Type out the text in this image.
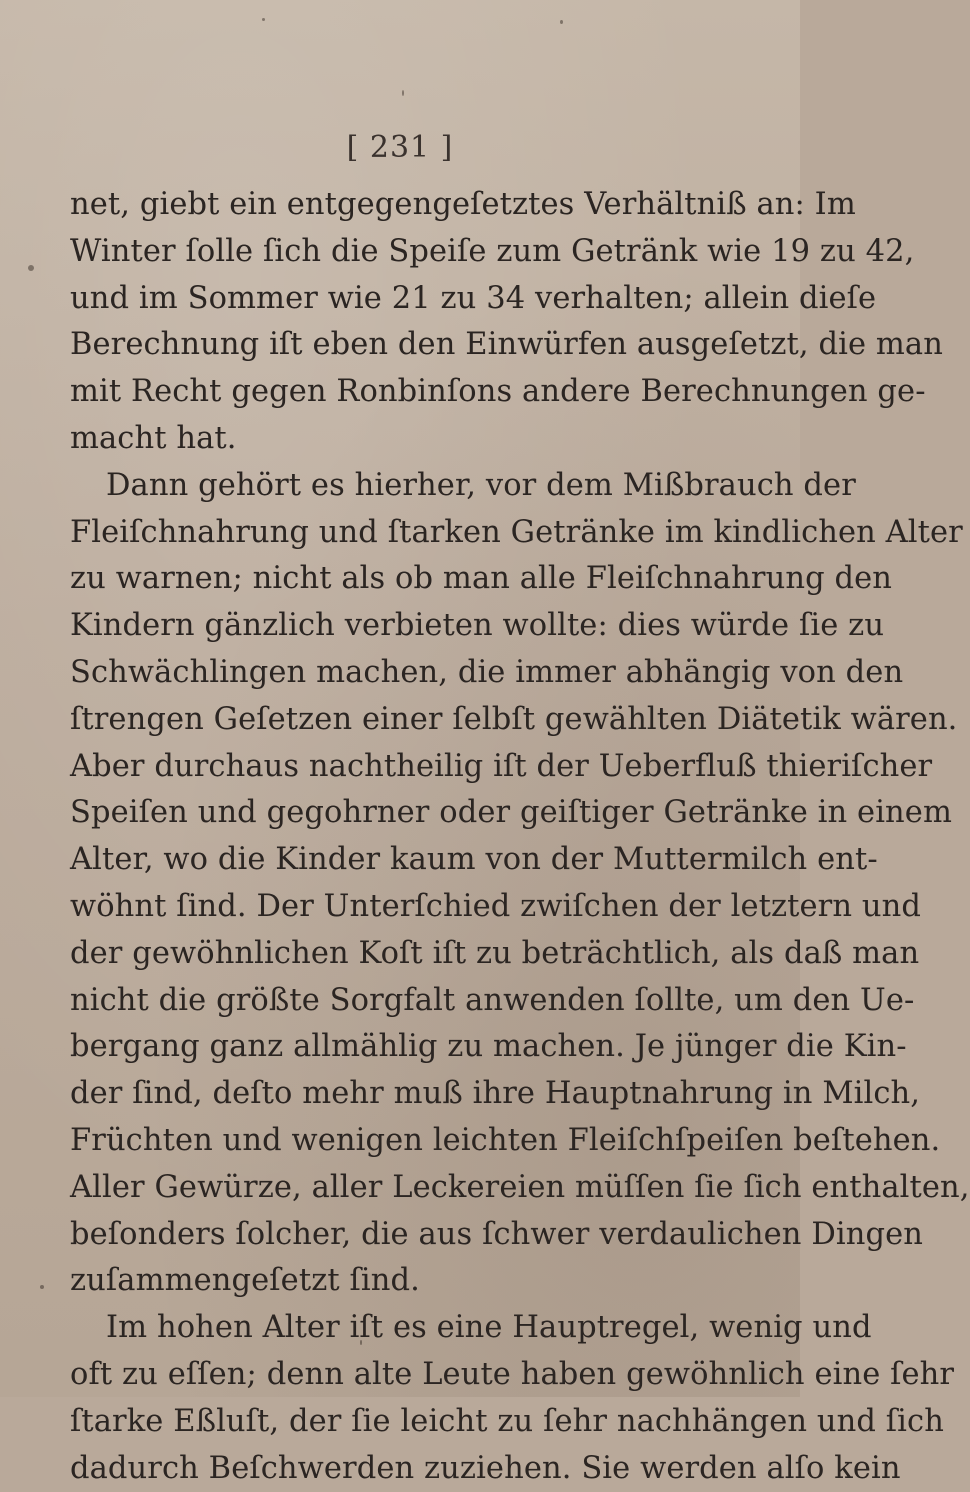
[ 231 ]
net, giebt ein entgegengeſetztes Verhältniß an: Im
Winter ſolle ſich die Speiſe zum Getränk wie 19 zu 42,
und im Sommer wie 21 zu 34 verhalten; allein dieſe
Berechnung iſt eben den Einwürfen ausgeſetzt, die man
mit Recht gegen Ronbinſons andere Berechnungen ge-
macht hat.
Dann gehört es hierher, vor dem Mißbrauch der
Fleiſchnahrung und ſtarken Getränke im kindlichen Alter
zu warnen; nicht als ob man alle Fleiſchnahrung den
Kindern gänzlich verbieten wollte: dies würde ſie zu
Schwächlingen machen, die immer abhängig von den
ſtrengen Geſetzen einer ſelbſt gewählten Diätetik wären.
Aber durchaus nachtheilig iſt der Ueberfluß thieriſcher
Speiſen und gegohrner oder geiſtiger Getränke in einem
Alter, wo die Kinder kaum von der Muttermilch ent-
wöhnt ſind. Der Unterſchied zwiſchen der letztern und
der gewöhnlichen Koſt iſt zu beträchtlich, als daß man
nicht die größte Sorgfalt anwenden ſollte, um den Ue-
bergang ganz allmählig zu machen. Je jünger die Kin-
der ſind, deſto mehr muß ihre Hauptnahrung in Milch,
Früchten und wenigen leichten Fleiſchſpeiſen beſtehen.
Aller Gewürze, aller Leckereien müſſen ſie ſich enthalten,
beſonders ſolcher, die aus ſchwer verdaulichen Dingen
zuſammengeſetzt ſind.
Im hohen Alter iſt es eine Hauptregel, wenig und
oft zu eſſen; denn alte Leute haben gewöhnlich eine ſehr
ſtarke Eßluſt, der ſie leicht zu ſehr nachhängen und ſich
dadurch Beſchwerden zuziehen. Sie werden alſo kein
